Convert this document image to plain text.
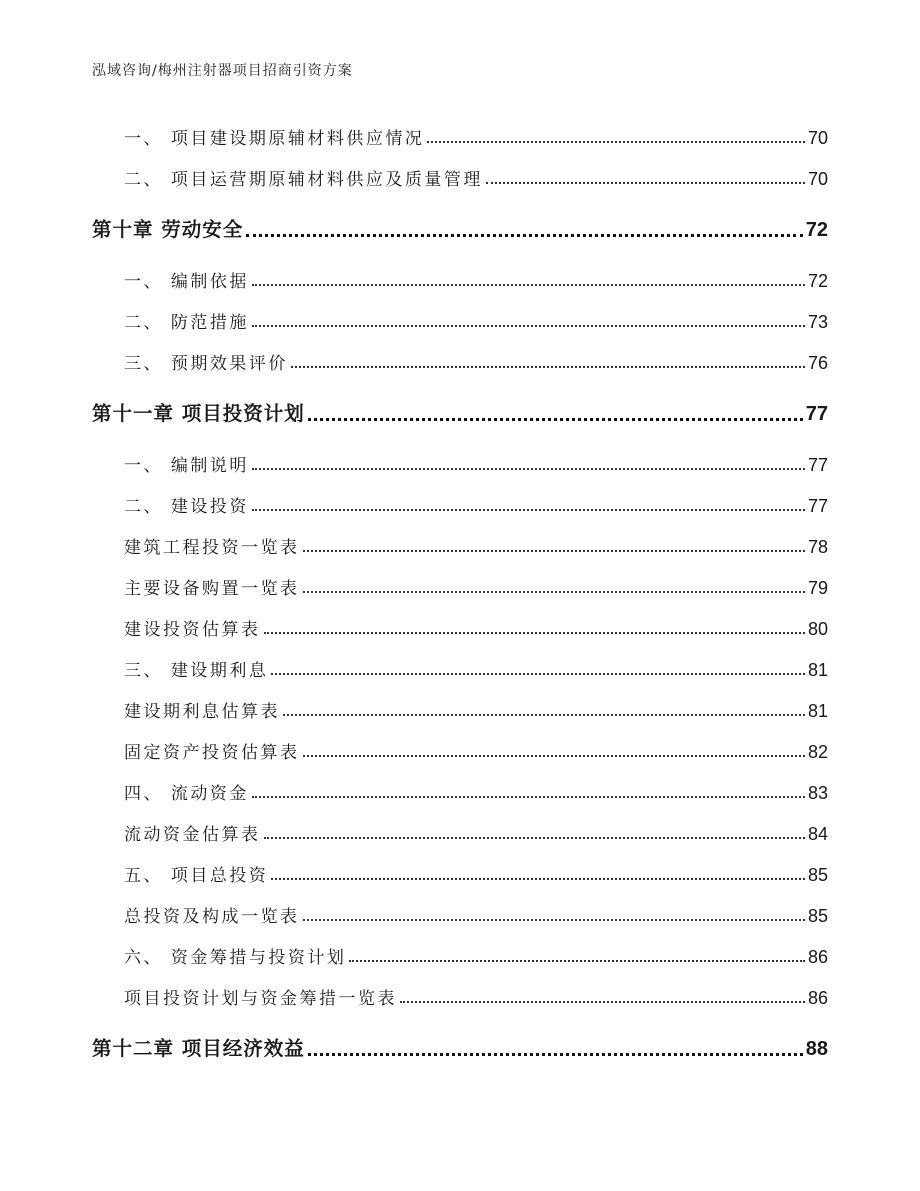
泓域咨询/梅州注射器项目招商引资方案
一、 项目建设期原辅材料供应情况	70
二、 项目运营期原辅材料供应及质量管理	70
第十章 劳动安全	72
一、 编制依据	72
二、 防范措施	73
三、 预期效果评价	76
第十一章 项目投资计划	77
一、 编制说明	77
二、 建设投资	77
建筑工程投资一览表	78
主要设备购置一览表	79
建设投资估算表	80
三、 建设期利息	81
建设期利息估算表	81
固定资产投资估算表	82
四、 流动资金	83
流动资金估算表	84
五、 项目总投资	85
总投资及构成一览表	85
六、 资金筹措与投资计划	86
项目投资计划与资金筹措一览表	86
第十二章 项目经济效益	88
